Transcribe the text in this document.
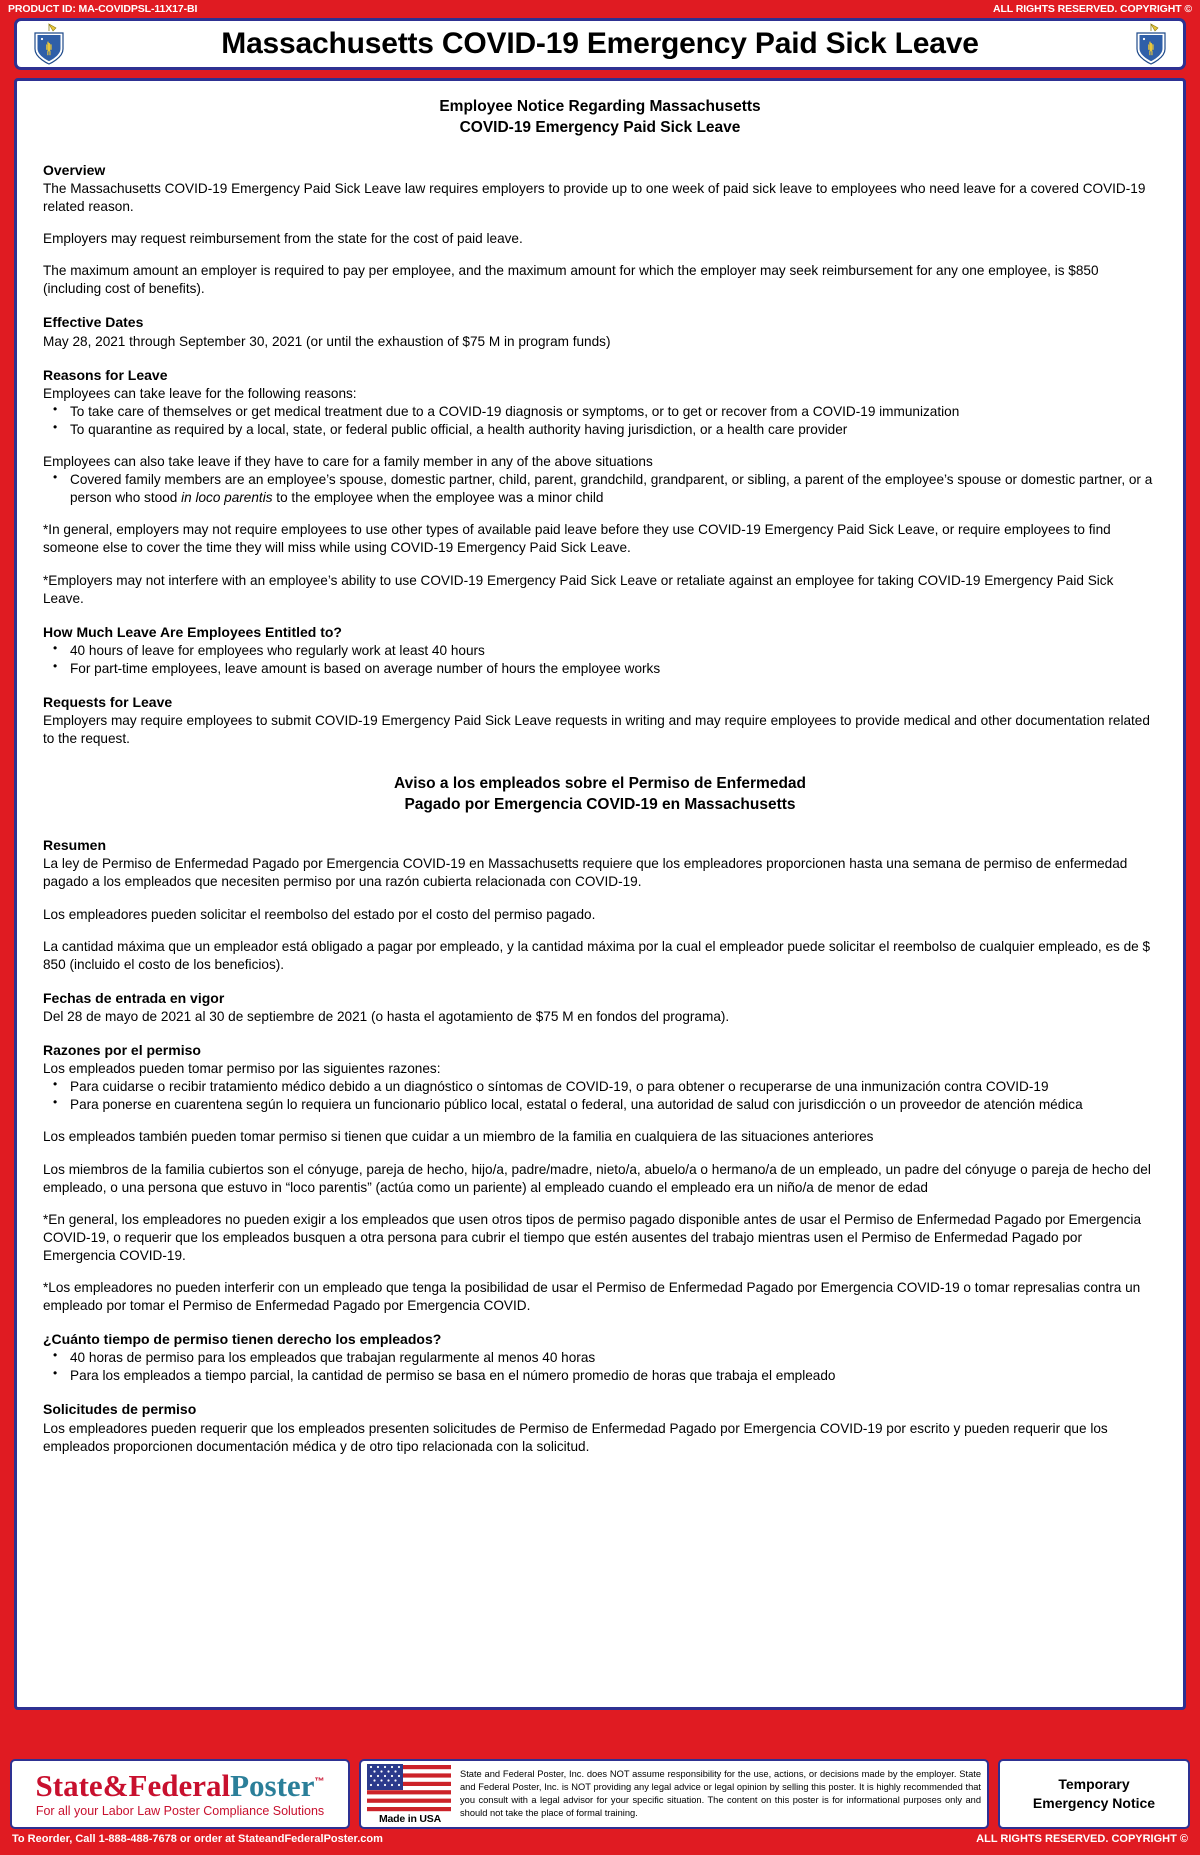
PRODUCT ID: MA-COVIDPSL-11X17-BI	ALL RIGHTS RESERVED. COPYRIGHT ©
Massachusetts COVID-19 Emergency Paid Sick Leave
Employee Notice Regarding Massachusetts
COVID-19 Emergency Paid Sick Leave
Overview

The Massachusetts COVID-19 Emergency Paid Sick Leave law requires employers to provide up to one week of paid sick leave to employees who need leave for a covered COVID-19 related reason.

Employers may request reimbursement from the state for the cost of paid leave.

The maximum amount an employer is required to pay per employee, and the maximum amount for which the employer may seek reimbursement for any one employee, is $850 (including cost of benefits).

Effective Dates

May 28, 2021 through September 30, 2021 (or until the exhaustion of $75 M in program funds)

Reasons for Leave

Employees can take leave for the following reasons:

• To take care of themselves or get medical treatment due to a COVID-19 diagnosis or symptoms, or to get or recover from a COVID-19 immunization
• To quarantine as required by a local, state, or federal public official, a health authority having jurisdiction, or a health care provider

Employees can also take leave if they have to care for a family member in any of the above situations

• Covered family members are an employee’s spouse, domestic partner, child, parent, grandchild, grandparent, or sibling, a parent of the employee’s spouse or domestic partner, or a person who stood in loco parentis to the employee when the employee was a minor child

*In general, employers may not require employees to use other types of available paid leave before they use COVID-19 Emergency Paid Sick Leave, or require employees to find someone else to cover the time they will miss while using COVID-19 Emergency Paid Sick Leave.

*Employers may not interfere with an employee’s ability to use COVID-19 Emergency Paid Sick Leave or retaliate against an employee for taking COVID-19 Emergency Paid Sick Leave.

How Much Leave Are Employees Entitled to?
• 40 hours of leave for employees who regularly work at least 40 hours
• For part-time employees, leave amount is based on average number of hours the employee works
Requests for Leave

Employers may require employees to submit COVID-19 Emergency Paid Sick Leave requests in writing and may require employees to provide medical and other documentation related to the request.

Aviso a los empleados sobre el Permiso de Enfermedad
Pagado por Emergencia COVID-19 en Massachusetts
Resumen

La ley de Permiso de Enfermedad Pagado por Emergencia COVID-19 en Massachusetts requiere que los empleadores proporcionen hasta una semana de permiso de enfermedad pagado a los empleados que necesiten permiso por una razón cubierta relacionada con COVID-19.

Los empleadores pueden solicitar el reembolso del estado por el costo del permiso pagado.

La cantidad máxima que un empleador está obligado a pagar por empleado, y la cantidad máxima por la cual el empleador puede solicitar el reembolso de cualquier empleado, es de $ 850 (incluido el costo de los beneficios).

Fechas de entrada en vigor

Del 28 de mayo de 2021 al 30 de septiembre de 2021 (o hasta el agotamiento de $75 M en fondos del programa).

Razones por el permiso

Los empleados pueden tomar permiso por las siguientes razones:

• Para cuidarse o recibir tratamiento médico debido a un diagnóstico o síntomas de COVID-19, o para obtener o recuperarse de una inmunización contra COVID-19
• Para ponerse en cuarentena según lo requiera un funcionario público local, estatal o federal, una autoridad de salud con jurisdicción o un proveedor de atención médica

Los empleados también pueden tomar permiso si tienen que cuidar a un miembro de la familia en cualquiera de las situaciones anteriores

Los miembros de la familia cubiertos son el cónyuge, pareja de hecho, hijo/a, padre/madre, nieto/a, abuelo/a o hermano/a de un empleado, un padre del cónyuge o pareja de hecho del empleado, o una persona que estuvo in “loco parentis” (actúa como un pariente) al empleado cuando el empleado era un niño/a de menor de edad

*En general, los empleadores no pueden exigir a los empleados que usen otros tipos de permiso pagado disponible antes de usar el Permiso de Enfermedad Pagado por Emergencia COVID-19, o requerir que los empleados busquen a otra persona para cubrir el tiempo que estén ausentes del trabajo mientras usen el Permiso de Enfermedad Pagado por Emergencia COVID-19.

*Los empleadores no pueden interferir con un empleado que tenga la posibilidad de usar el Permiso de Enfermedad Pagado por Emergencia COVID-19 o tomar represalias contra un empleado por tomar el Permiso de Enfermedad Pagado por Emergencia COVID.

¿Cuánto tiempo de permiso tienen derecho los empleados?
• 40 horas de permiso para los empleados que trabajan regularmente al menos 40 horas
• Para los empleados a tiempo parcial, la cantidad de permiso se basa en el número promedio de horas que trabaja el empleado
Solicitudes de permiso

Los empleadores pueden requerir que los empleados presenten solicitudes de Permiso de Enfermedad Pagado por Emergencia COVID-19 por escrito y pueden requerir que los empleados proporcionen documentación médica y de otro tipo relacionada con la solicitud.

State&FederalPoster™
For all your Labor Law Poster Compliance Solutions
Made in USA
State and Federal Poster, Inc. does NOT assume responsibility for the use, actions, or decisions made by the employer. State and Federal Poster, Inc. is NOT providing any legal advice or legal opinion by selling this poster. It is highly recommended that you consult with a legal advisor for your specific situation. The content on this poster is for informational purposes only and should not take the place of formal training.
Temporary
Emergency Notice
To Reorder, Call 1-888-488-7678 or order at StateandFederalPoster.com	ALL RIGHTS RESERVED. COPYRIGHT ©
